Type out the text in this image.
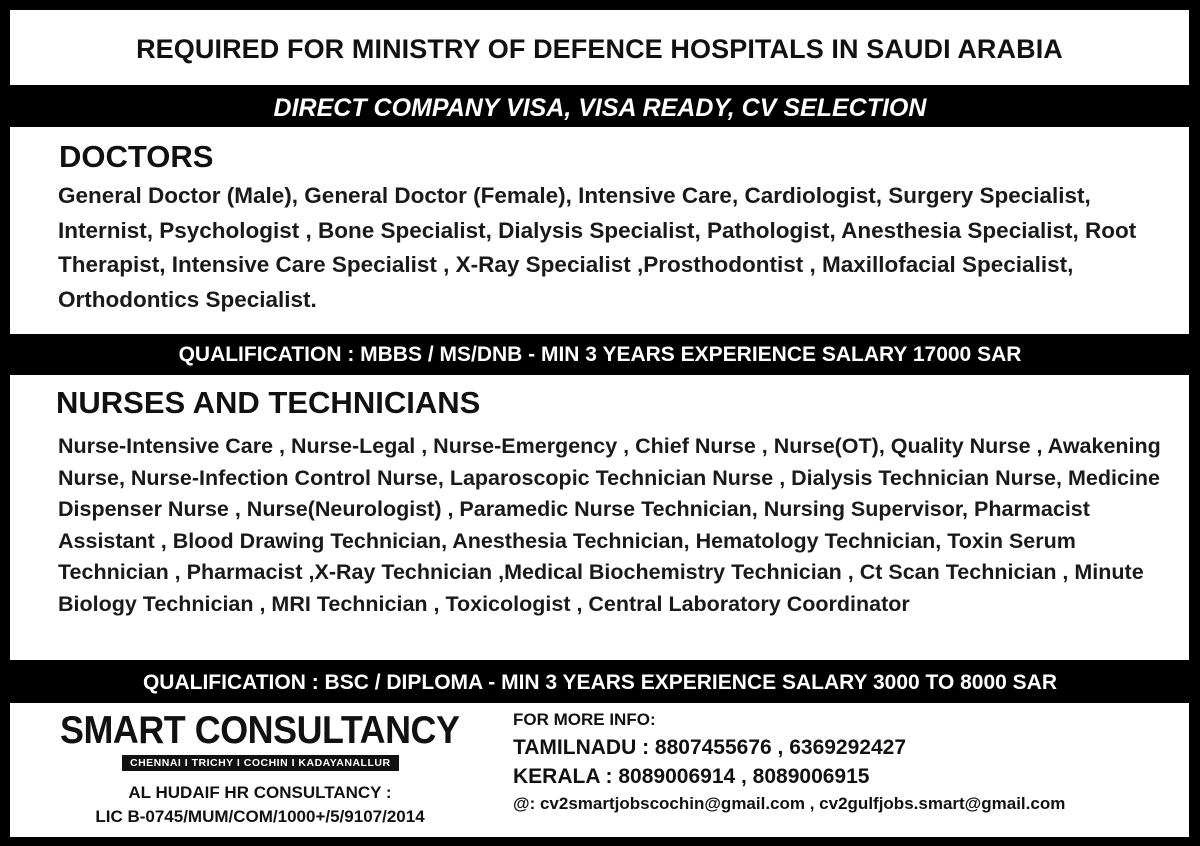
REQUIRED FOR MINISTRY OF DEFENCE HOSPITALS IN SAUDI ARABIA
DIRECT COMPANY VISA, VISA READY, CV SELECTION
DOCTORS

General Doctor (Male), General Doctor (Female), Intensive Care, Cardiologist, Surgery Specialist, Internist, Psychologist , Bone Specialist, Dialysis Specialist, Pathologist, Anesthesia Specialist, Root Therapist, Intensive Care Specialist , X-Ray Specialist ,Prosthodontist , Maxillofacial Specialist, Orthodontics Specialist.

QUALIFICATION : MBBS / MS/DNB - MIN 3 YEARS EXPERIENCE SALARY 17000 SAR
NURSES AND TECHNICIANS

Nurse-Intensive Care , Nurse-Legal , Nurse-Emergency , Chief Nurse , Nurse(OT), Quality Nurse , Awakening Nurse, Nurse-Infection Control Nurse, Laparoscopic Technician Nurse , Dialysis Technician Nurse, Medicine Dispenser Nurse , Nurse(Neurologist) , Paramedic Nurse Technician, Nursing Supervisor, Pharmacist Assistant , Blood Drawing Technician, Anesthesia Technician, Hematology Technician, Toxin Serum Technician , Pharmacist ,X-Ray Technician ,Medical Biochemistry Technician , Ct Scan Technician , Minute Biology Technician , MRI Technician , Toxicologist , Central Laboratory Coordinator

QUALIFICATION : BSC / DIPLOMA - MIN 3 YEARS EXPERIENCE SALARY 3000 TO 8000 SAR
SMART CONSULTANCY
CHENNAI I TRICHY I COCHIN I KADAYANALLUR
AL HUDAIF HR CONSULTANCY :
LIC B-0745/MUM/COM/1000+/5/9107/2014
FOR MORE INFO:
TAMILNADU : 8807455676 , 6369292427
KERALA : 8089006914 , 8089006915
@: cv2smartjobscochin@gmail.com , cv2gulfjobs.smart@gmail.com
